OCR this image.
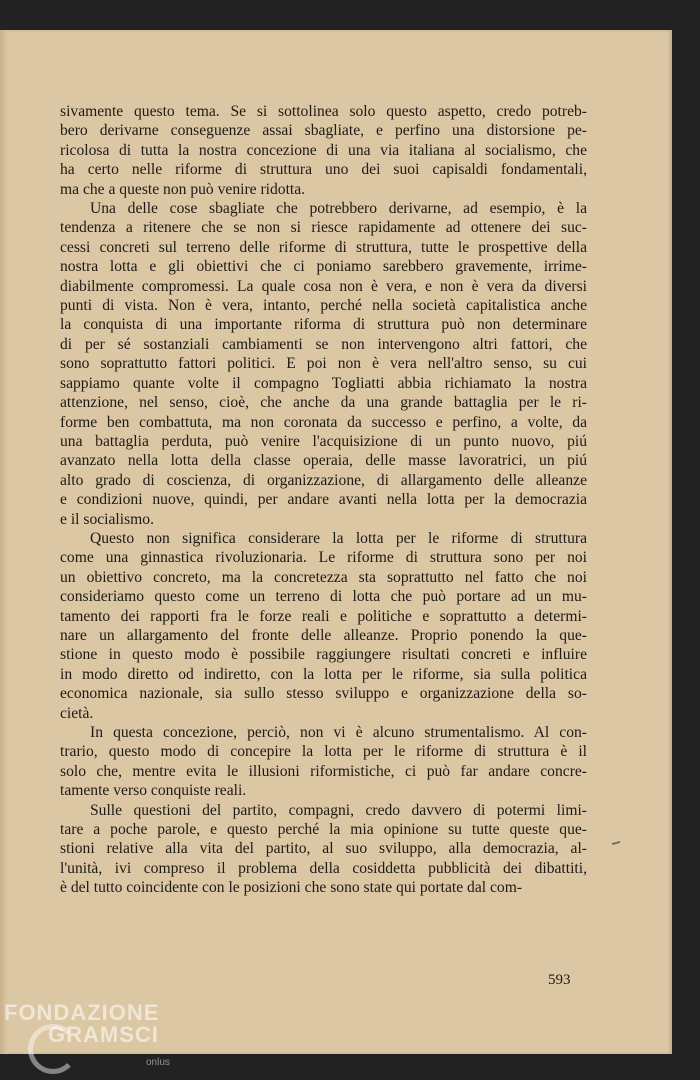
sivamente questo tema. Se si sottolinea solo questo aspetto, credo potreb-
bero derivarne conseguenze assai sbagliate, e perfino una distorsione pe-
ricolosa di tutta la nostra concezione di una via italiana al socialismo, che
ha certo nelle riforme di struttura uno dei suoi capisaldi fondamentali,
ma che a queste non può venire ridotta.

Una delle cose sbagliate che potrebbero derivarne, ad esempio, è la
tendenza a ritenere che se non si riesce rapidamente ad ottenere dei suc-
cessi concreti sul terreno delle riforme di struttura, tutte le prospettive della
nostra lotta e gli obiettivi che ci poniamo sarebbero gravemente, irrime-
diabilmente compromessi. La quale cosa non è vera, e non è vera da diversi
punti di vista. Non è vera, intanto, perché nella società capitalistica anche
la conquista di una importante riforma di struttura può non determinare
di per sé sostanziali cambiamenti se non intervengono altri fattori, che
sono soprattutto fattori politici. E poi non è vera nell'altro senso, su cui
sappiamo quante volte il compagno Togliatti abbia richiamato la nostra
attenzione, nel senso, cioè, che anche da una grande battaglia per le ri-
forme ben combattuta, ma non coronata da successo e perfino, a volte, da
una battaglia perduta, può venire l'acquisizione di un punto nuovo, piú
avanzato nella lotta della classe operaia, delle masse lavoratrici, un piú
alto grado di coscienza, di organizzazione, di allargamento delle alleanze
e condizioni nuove, quindi, per andare avanti nella lotta per la democrazia
e il socialismo.

Questo non significa considerare la lotta per le riforme di struttura
come una ginnastica rivoluzionaria. Le riforme di struttura sono per noi
un obiettivo concreto, ma la concretezza sta soprattutto nel fatto che noi
consideriamo questo come un terreno di lotta che può portare ad un mu-
tamento dei rapporti fra le forze reali e politiche e soprattutto a determi-
nare un allargamento del fronte delle alleanze. Proprio ponendo la que-
stione in questo modo è possibile raggiungere risultati concreti e influire
in modo diretto od indiretto, con la lotta per le riforme, sia sulla politica
economica nazionale, sia sullo stesso sviluppo e organizzazione della so-
cietà.

In questa concezione, perciò, non vi è alcuno strumentalismo. Al con-
trario, questo modo di concepire la lotta per le riforme di struttura è il
solo che, mentre evita le illusioni riformistiche, ci può far andare concre-
tamente verso conquiste reali.

Sulle questioni del partito, compagni, credo davvero di potermi limi-
tare a poche parole, e questo perché la mia opinione su tutte queste que-
stioni relative alla vita del partito, al suo sviluppo, alla democrazia, al-
l'unità, ivi compreso il problema della cosiddetta pubblicità dei dibattiti,
è del tutto coincidente con le posizioni che sono state qui portate dal com-

593
FONDAZIONE
GRAMSCI
onlus
